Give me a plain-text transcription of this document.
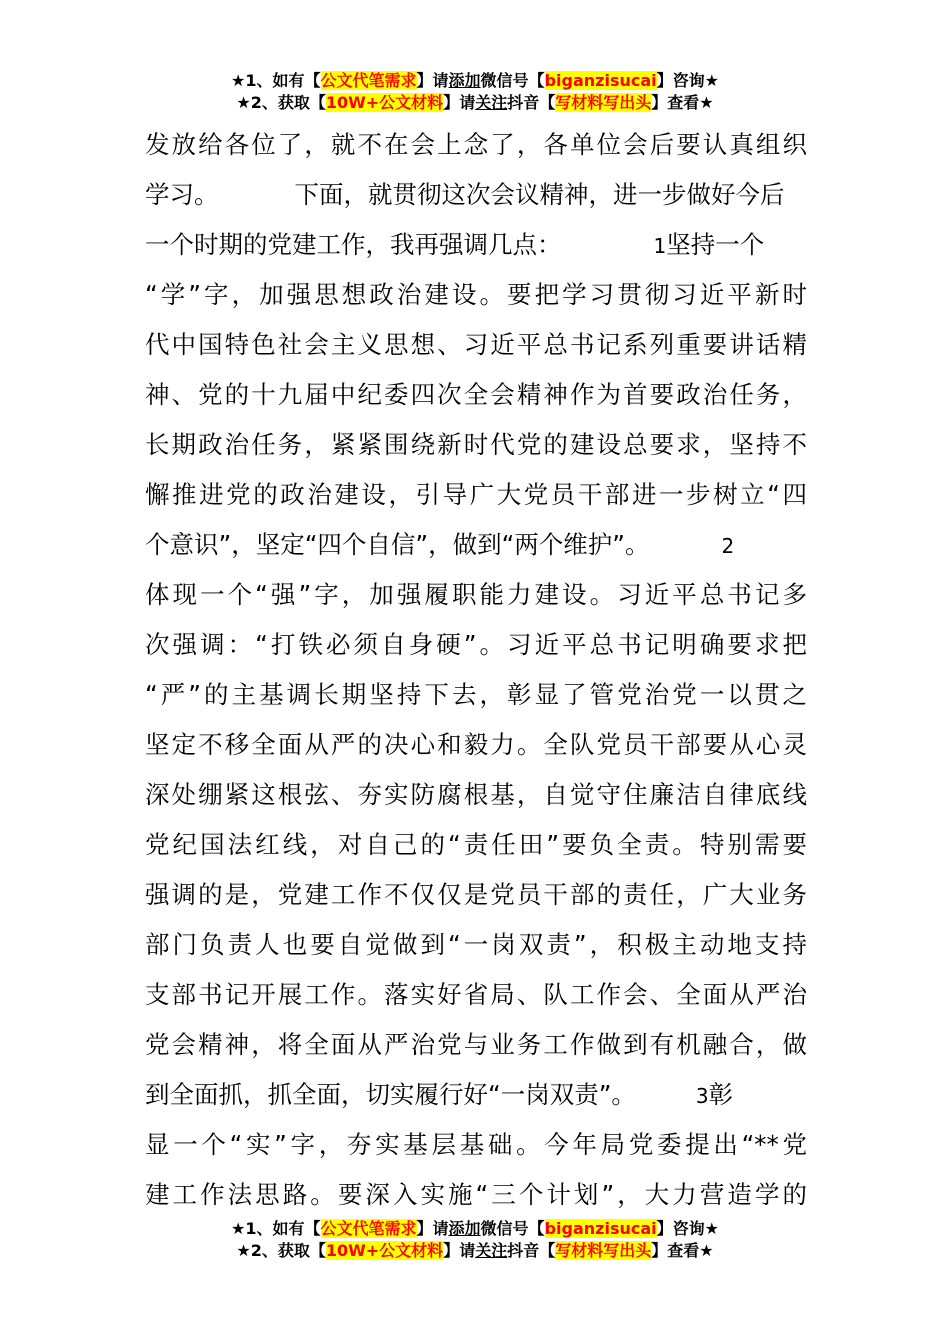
★1、如有【公文代笔需求】请添加微信号【biganzisucai】咨询★
★2、获取【10W+公文材料】请关注抖音【写材料写出头】查看★
发放给各位了，就不在会上念了，各单位会后要认真组织
学习。	下面，就贯彻这次会议精神，进一步做好今后
一个时期的党建工作，我再强调几点：	1坚持一个
“学”字，加强思想政治建设。要把学习贯彻习近平新时
代中国特色社会主义思想、习近平总书记系列重要讲话精
神、党的十九届中纪委四次全会精神作为首要政治任务，
长期政治任务，紧紧围绕新时代党的建设总要求，坚持不
懈推进党的政治建设，引导广大党员干部进一步树立“四
个意识”，坚定“四个自信”，做到“两个维护”。	2
体现一个“强”字，加强履职能力建设。习近平总书记多
次强调：“打铁必须自身硬”。习近平总书记明确要求把
“严”的主基调长期坚持下去，彰显了管党治党一以贯之
坚定不移全面从严的决心和毅力。全队党员干部要从心灵
深处绷紧这根弦、夯实防腐根基，自觉守住廉洁自律底线
党纪国法红线，对自己的“责任田”要负全责。特别需要
强调的是，党建工作不仅仅是党员干部的责任，广大业务
部门负责人也要自觉做到“一岗双责”，积极主动地支持
支部书记开展工作。落实好省局、队工作会、全面从严治
党会精神，将全面从严治党与业务工作做到有机融合，做
到全面抓，抓全面，切实履行好“一岗双责”。	3彰
显一个“实”字，夯实基层基础。今年局党委提出“**党
建工作法思路。要深入实施“三个计划”，大力营造学的
★1、如有【公文代笔需求】请添加微信号【biganzisucai】咨询★
★2、获取【10W+公文材料】请关注抖音【写材料写出头】查看★
